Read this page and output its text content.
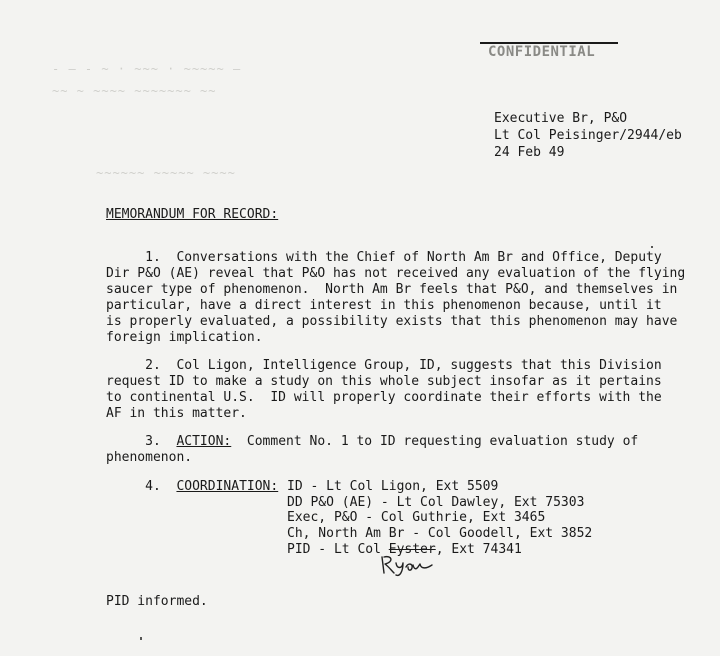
- — - ~ · ~~~ · ~~~~~ —
~~ ~ ~~~~ ~~~~~~~ ~~
~~~~~~ ~~~~~ ~~~~
CONFIDENTIAL
Executive Br, P&O
Lt Col Peisinger/2944/eb
24 Feb 49
MEMORANDUM FOR RECORD:
1.  Conversations with the Chief of North Am Br and Office, Deputy
Dir P&O (AE) reveal that P&O has not received any evaluation of the flying
saucer type of phenomenon.  North Am Br feels that P&O, and themselves in
particular, have a direct interest in this phenomenon because, until it
is properly evaluated, a possibility exists that this phenomenon may have
foreign implication.
2.  Col Ligon, Intelligence Group, ID, suggests that this Division
request ID to make a study on this whole subject insofar as it pertains
to continental U.S.  ID will properly coordinate their efforts with the
AF in this matter.
3.  ACTION:  Comment No. 1 to ID requesting evaluation study of
phenomenon.
4.  COORDINATION: ID - Lt Col Ligon, Ext 5509
DD P&O (AE) - Lt Col Dawley, Ext 75303
Exec, P&O - Col Guthrie, Ext 3465
Ch, North Am Br - Col Goodell, Ext 3852
PID - Lt Col Eyster, Ext 74341
PID informed.
